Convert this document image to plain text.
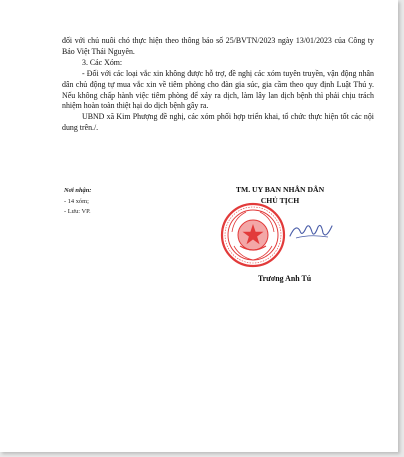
đối với chủ nuôi chó thực hiện theo thông báo số 25/BVTN/2023 ngày 13/01/2023 của Công ty Bảo Việt Thái Nguyên.

3. Các Xóm:

- Đối với các loại vắc xin không được hỗ trợ, đề nghị các xóm tuyên truyền, vận động nhân dân chủ động tự mua vắc xin về tiêm phòng cho đàn gia súc, gia cầm theo quy định Luật Thú y. Nếu không chấp hành việc tiêm phòng để xảy ra dịch, làm lây lan dịch bệnh thì phải chịu trách nhiệm hoàn toàn thiệt hại do dịch bệnh gây ra.

UBND xã Kim Phượng đề nghị, các xóm phối hợp triển khai, tổ chức thực hiện tốt các nội dung trên./.

Nơi nhận:
- 14 xóm;
- Lưu: VP.
TM. UY BAN NHÂN DÂN
CHỦ TỊCH
Trương Anh Tú
